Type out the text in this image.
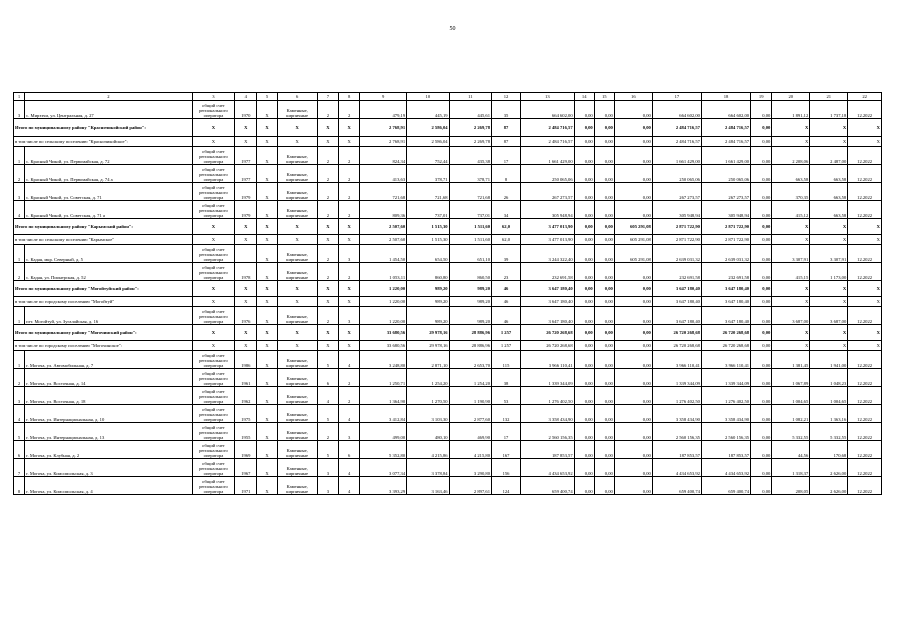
50
1	2	3	4	5	6	7	8	9	10	11	12	13	14	15	16	17	18	19	20	21	22
3	с. Мирзэчи, ул. Центральная, д. 27	общий счет регионального оператора	1970	Х	Каменные, кирпичные	2	2	479,19	445,19	445,61	35	664 602,00	0,00	0,00	0,00	664 602,00	664 602,00	0,00	1 891,12	1 737,18	12.2022
Итого по муниципальному району "Красночикойский район":		Х	Х	Х	Х	Х	Х	2 768,91	2 586,04	2 269,78	87	2 484 716,57	0,00	0,00	0,00	2 484 716,57	2 484 716,57	0,00	Х	Х	Х
в том числе по сельскому поселению "Красночикойское":		Х	Х	Х	Х	Х	Х	2 768,91	2 586,04	2 269,78	87	2 484 716,57	0,00	0,00	0,00	2 484 716,57	2 484 716,57	0,00	Х	Х	Х
1	с. Красный Чикой, ул. Первомайская, д. 72	общий счет регионального оператора	1977	Х	Каменные, кирпичные	2	2	824,34	752,44	435,38	17	1 661 429,00	0,00	0,00	0,00	1 661 429,00	1 661 429,00	0,00	2 208,06	2 487,00	12.2022
2	с. Красный Чикой, ул. Первомайская, д. 74 а	общий счет регионального оператора	1977	Х	Каменные, кирпичные	2	2	413,63	378,71	378,71	8	250 065,06	0,00	0,00	0,00	250 065,06	250 065,06	0,00	663,58	663,58	12.2022
3	с. Красный Чикой, ул. Советская, д. 71	общий счет регионального оператора	1979	Х	Каменные, кирпичные	2	2	721,68	721,68	721,68	26	267 273,57	0,00	0,00	0,00	267 273,57	267 273,57	0,00	370,35	663,58	12.2022
4	с. Красный Чикой, ул. Советская, д. 71 а	общий счет регионального оператора	1979	Х	Каменные, кирпичные	2	2	809,36	737,01	737,01	34	305 948,94	0,00	0,00	0,00	305 948,94	305 948,94	0,00	415,12	663,58	12.2022
Итого по муниципальному району "Карымский район":		Х	Х	Х	Х	Х	Х	2 507,60	1 515,30	1 511,60	62,0	3 477 013,90	0,00	0,00	605 291,08	2 871 722,90	2 871 722,90	0,00	Х	Х	Х
в том числе по сельскому поселению "Карымское"		Х	Х	Х	Х	Х	Х	2 507,60	1 515,30	1 511,60	62,0	3 477 013,90	0,00	0,00	605 291,08	2 871 722,90	2 871 722,90	0,00	Х	Х	Х
1	с. Кадая, мкр. Северный, д. 5	общий счет регионального оператора		Х	Каменные, кирпичные	2	3	1 454,50	654,50	651,10	39	3 244 322,40	0,00	0,00	605 291,08	2 639 031,32	2 639 031,32	0,00	3 307,91	3 307,91	12.2022
2	с. Кадая, ул. Пионерская, д. 52	общий счет регионального оператора	1978	Х	Каменные, кирпичные	2	2	1 053,11	860,80	860,50	23	232 691,58	0,00	0,00	0,00	232 691,58	232 691,58	0,00	415,15	1 173,00	12.2022
Итого по муниципальному району "Могойтуйский район":		Х	Х	Х	Х	Х	Х	1 220,00	989,20	989,20	46	3 647 180,40	0,00	0,00	0,00	3 647 180,40	3 647 180,40	0,00	Х	Х	Х
в том числе по городскому поселению "Могойтуй"		Х	Х	Х	Х	Х	Х	1 220,00	989,20	989,20	46	3 647 180,40	0,00	0,00	0,00	3 647 180,40	3 647 180,40	0,00	Х	Х	Х
1	пгт. Могойтуй, ул. Зугалайская, д. 16	общий счет регионального оператора	1976	Х	Каменные, кирпичные	2	3	1 220,00	989,20	989,20	46	3 647 180,40	0,00	0,00	0,00	3 647 180,40	3 647 180,40	0,00	3 687,00	3 687,00	12.2022
Итого по муниципальному району "Могочинский район":		Х	Х	Х	Х	Х	Х	33 680,56	29 978,16	28 886,96	1 257	26 720 268,68	0,00	0,00	0,00	26 720 268,68	26 720 268,68	0,00	Х	Х	Х
в том числе по городскому поселению "Могочинское":		Х	Х	Х	Х	Х	Х	33 680,56	29 978,16	28 886,96	1 257	26 720 268,68	0,00	0,00	0,00	26 720 268,68	26 720 268,68	0,00	Х	Х	Х
1	г. Могоча, ул. Автомобильная, д. 7	общий счет регионального оператора	1986	Х	Каменные, кирпичные	5	4	3 248,80	2 871,10	2 653,70	115	3 966 110,41	0,00	0,00	0,00	3 966 110,41	3 966 110,41	0,00	1 381,45	1 941,00	12.2022
2	г. Могоча, ул. Восточная, д. 14	общий счет регионального оператора	1961	Х	Каменные, кирпичные	6	2	1 250,71	1 254,20	1 254,20	38	1 339 344,09	0,00	0,00	0,00	1 339 344,09	1 339 344,09	0,00	1 067,89	1 048,23	12.2022
3	г. Могоча, ул. Восточная, д. 18	общий счет регионального оператора	1962	Х	Каменные, кирпичные	4	2	1 364,90	1 270,50	1 190,90	53	1 276 402,50	0,00	0,00	0,00	1 276 402,50	1 276 402,50	0,00	1 004,65	1 004,65	12.2022
4	г. Могоча, ул. Интернациональная, д. 10	общий счет регионального оператора	1975	Х	Каменные, кирпичные	5	4	3 412,84	3 103,30	2 877,60	132	3 358 434,90	0,00	0,00	0,00	3 358 434,90	3 358 434,90	0,00	1 082,21	1 363,16	12.2022
5	г. Могоча, ул. Интернациональная, д. 13	общий счет регионального оператора	1955	Х	Каменные, кирпичные	2	3	499,00	480,10	469,90	17	2 560 156,35	0,00	0,00	0,00	2 560 156,35	2 560 156,35	0,00	5 332,55	5 332,55	12.2022
6	г. Могоча, ул. Клубная, д. 2	общий счет регионального оператора	1969	Х	Каменные, кирпичные	5	6	5 352,80	4 215,86	4 215,80	167	187 853,57	0,00	0,00	0,00	187 853,57	187 853,57	0,00	44,56	170,68	12.2022
7	г. Могоча, ул. Комсомольская, д. 3	общий счет регионального оператора	1967	Х	Каменные, кирпичные	3	4	3 077,34	3 378,84	3 290,80	156	4 434 653,92	0,00	0,00	0,00	4 434 653,92	4 434 653,92	0,00	1 318,37	2 626,00	12.2022
8	г. Могоча, ул. Комсомольская, д. 4	общий счет регионального оператора	1971	Х	Каменные, кирпичные	3	4	3 393,29	3 163,46	2 897,61	124	659 400,74	0,00	0,00	0,00	659 400,74	659 400,74	0,00	208,05	2 626,00	12.2022
